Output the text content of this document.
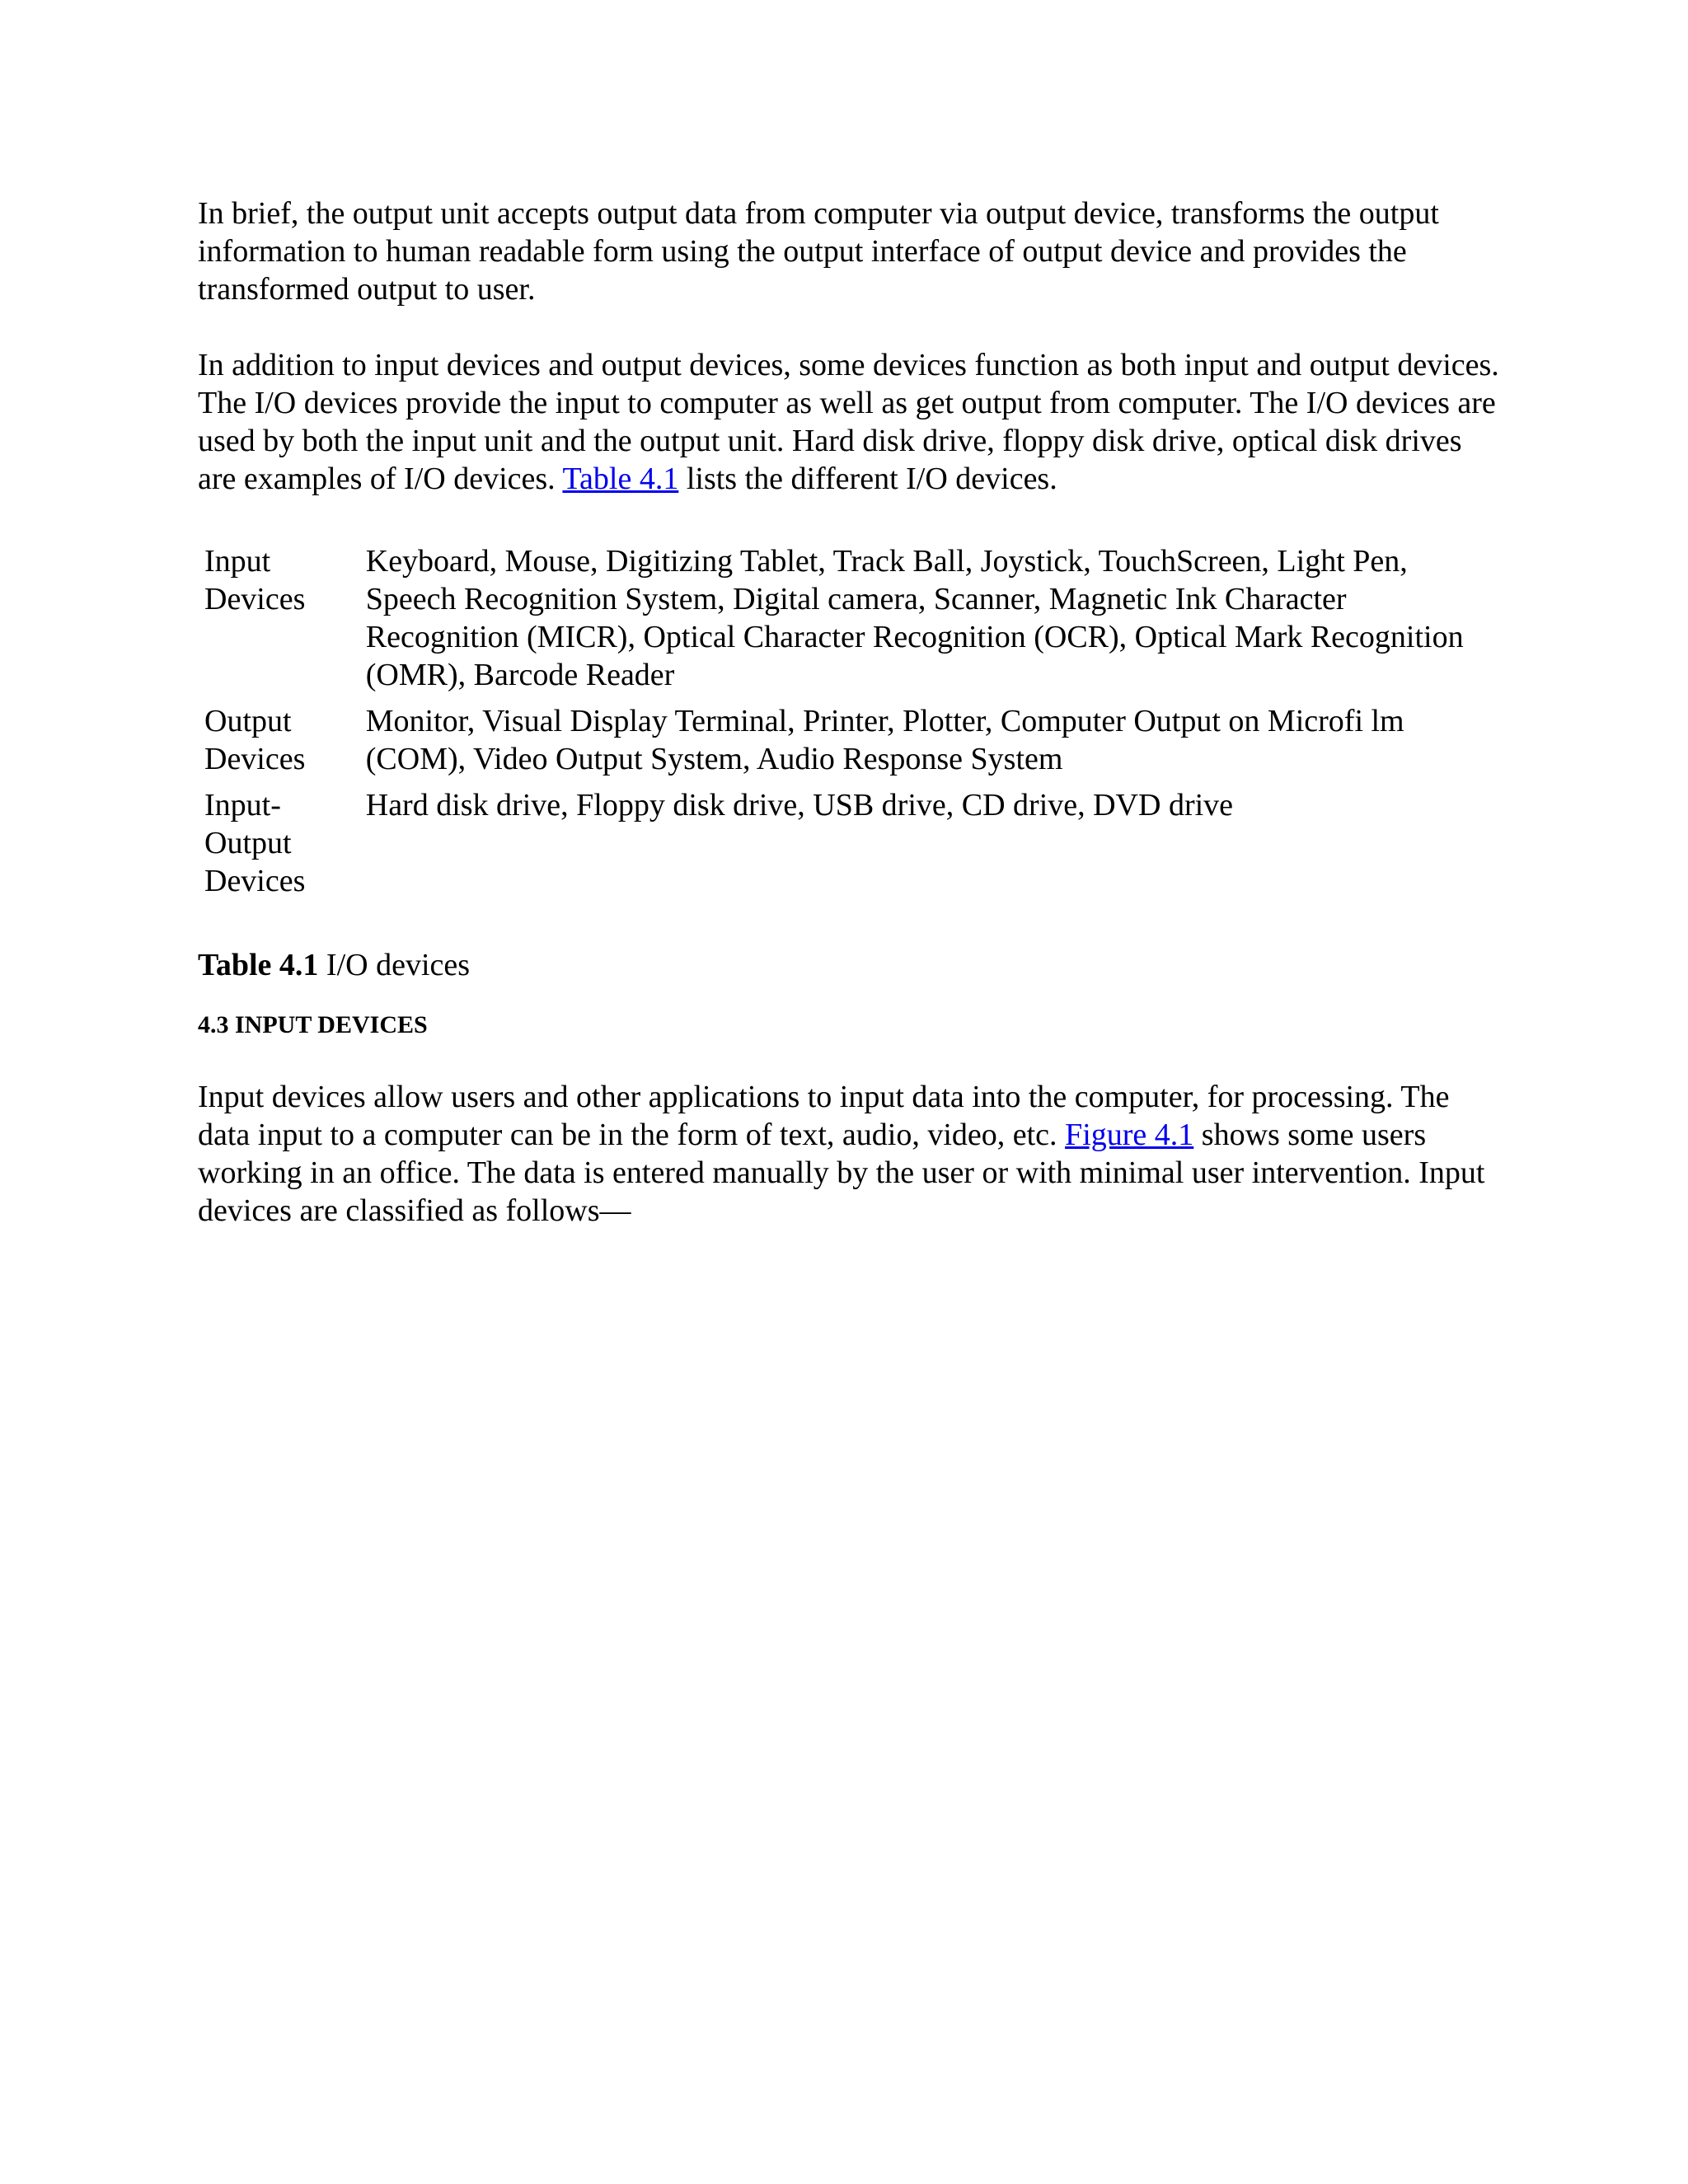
In brief, the output unit accepts output data from computer via output device, transforms the output information to human readable form using the output interface of output device and provides the transformed output to user.

In addition to input devices and output devices, some devices function as both input and output devices. The I/O devices provide the input to computer as well as get output from computer. The I/O devices are used by both the input unit and the output unit. Hard disk drive, floppy disk drive, optical disk drives are examples of I/O devices. Table 4.1 lists the different I/O devices.

Input Devices	Keyboard, Mouse, Digitizing Tablet, Track Ball, Joystick, TouchScreen, Light Pen, Speech Recognition System, Digital camera, Scanner, Magnetic Ink Character Recognition (MICR), Optical Character Recognition (OCR), Optical Mark Recognition (OMR), Barcode Reader
Output Devices	Monitor, Visual Display Terminal, Printer, Plotter, Computer Output on Microfi lm (COM), Video Output System, Audio Response System
Input-Output Devices	Hard disk drive, Floppy disk drive, USB drive, CD drive, DVD drive
Table 4.1 I/O devices
4.3 INPUT DEVICES

Input devices allow users and other applications to input data into the computer, for processing. The data input to a computer can be in the form of text, audio, video, etc. Figure 4.1 shows some users working in an office. The data is entered manually by the user or with minimal user intervention. Input devices are classified as follows—
